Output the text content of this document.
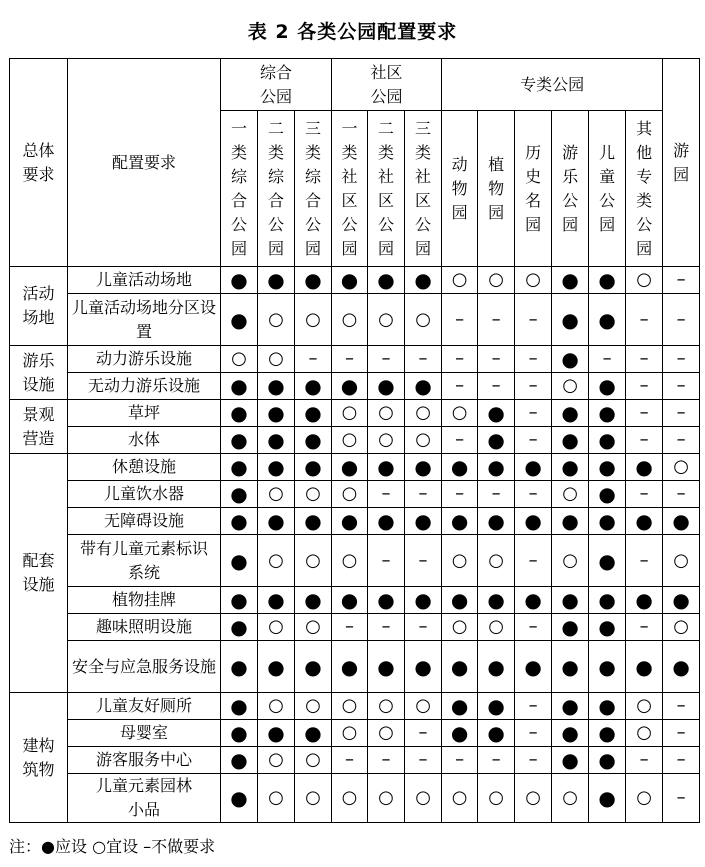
表 2 各类公园配置要求
总体要求	配置要求	综合公园			社区公园			专类公园						游园

		一类综合公园	二类综合公园	三类综合公园	一类社区公园	二类社区公园	三类社区公园	动物园	植物园	历史名园	游乐公园	儿童公园	其他专类公园	

活动场地	儿童活动场地	●	●	●	●	●	●	○	○	○	●	●	○	–
	儿童活动场地分区设置	●	○	○	○	○	○	–	–	–	●	●	–	–

游乐设施	动力游乐设施	○	○	–	–	–	–	–	–	–	●	–	–	–
	无动力游乐设施	●	●	●	●	●	●	–	–	–	○	●	–	–

景观营造	草坪	●	●	●	○	○	○	○	●	–	●	●	–	–
	水体	●	●	●	○	○	○	–	●	–	●	●	–	–

配套设施	休憩设施	●	●	●	●	●	●	●	●	●	●	●	●	○
	儿童饮水器	●	○	○	○	–	–	–	–	–	○	●	–	–
	无障碍设施	●	●	●	●	●	●	●	●	●	●	●	●	●
	带有儿童元素标识系统	●	○	○	○	–	–	○	○	–	○	●	–	○
	植物挂牌	●	●	●	●	●	●	●	●	●	●	●	●	●
	趣味照明设施	●	○	○	–	–	–	○	○	–	●	●	–	○
	安全与应急服务设施	●	●	●	●	●	●	●	●	●	●	●	●	●

建构筑物	儿童友好厕所	●	○	○	○	○	○	●	●	–	●	●	○	–
	母婴室	●	●	●	○	○	–	●	●	–	●	●	○	–
	游客服务中心	●	○	○	–	–	–	–	–	–	●	●	–	–
	儿童元素园林小品	●	○	○	○	○	○	○	○	○	○	●	○	–
注：●应设 ○宜设 –不做要求
